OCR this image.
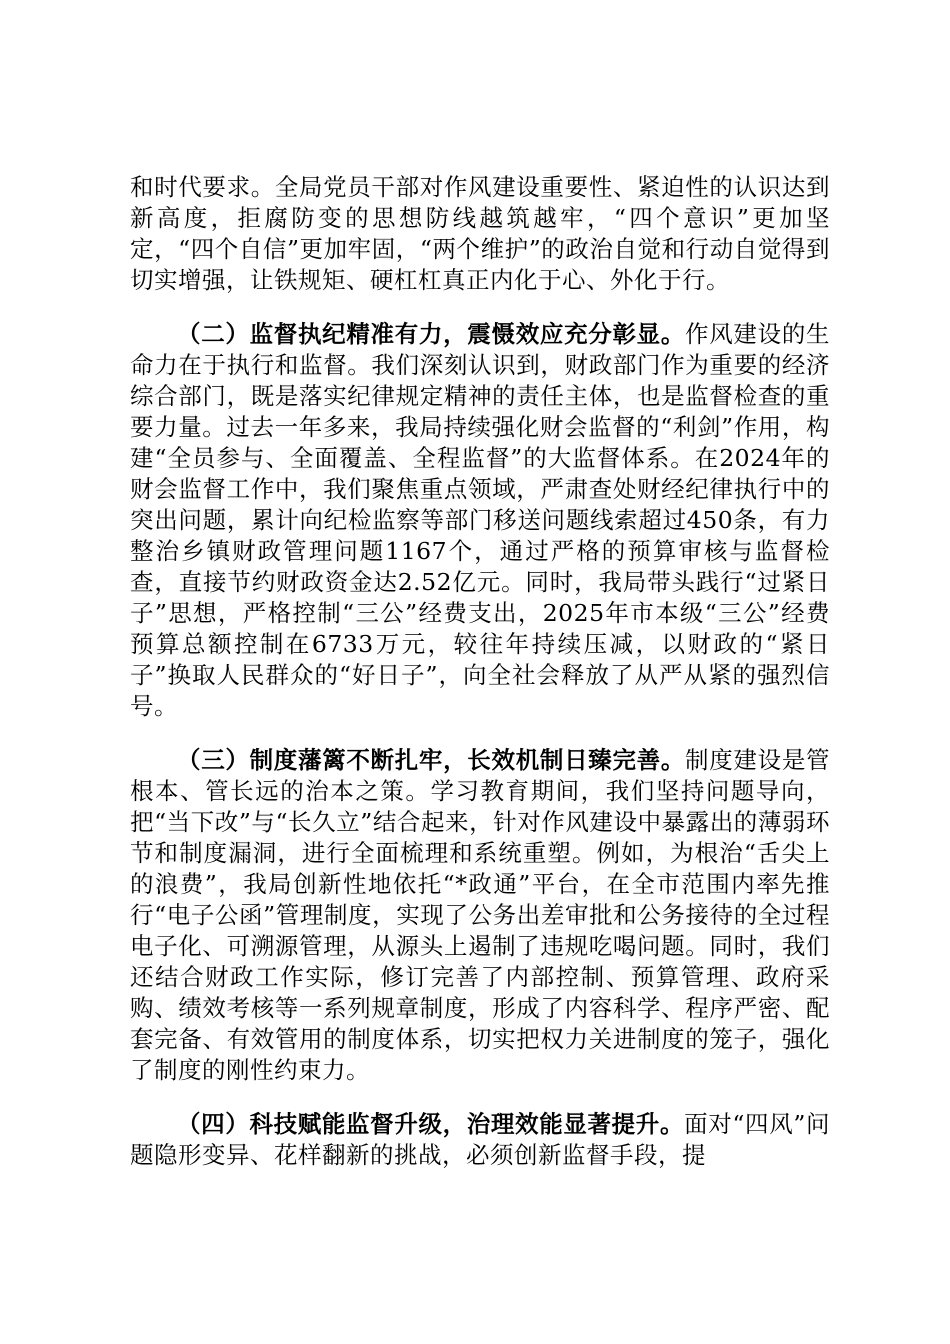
和时代要求。全局党员干部对作风建设重要性、紧迫性的认识达到新高度，拒腐防变的思想防线越筑越牢，“四个意识”更加坚定，“四个自信”更加牢固，“两个维护”的政治自觉和行动自觉得到切实增强，让铁规矩、硬杠杠真正内化于心、外化于行。

（二）监督执纪精准有力，震慑效应充分彰显。作风建设的生命力在于执行和监督。我们深刻认识到，财政部门作为重要的经济综合部门，既是落实纪律规定精神的责任主体，也是监督检查的重要力量。过去一年多来，我局持续强化财会监督的“利剑”作用，构建“全员参与、全面覆盖、全程监督”的大监督体系。在2024年的财会监督工作中，我们聚焦重点领域，严肃查处财经纪律执行中的突出问题，累计向纪检监察等部门移送问题线索超过450条，有力整治乡镇财政管理问题1167个，通过严格的预算审核与监督检查，直接节约财政资金达2.52亿元。同时，我局带头践行“过紧日子”思想，严格控制“三公”经费支出，2025年市本级“三公”经费预算总额控制在6733万元，较往年持续压减，以财政的“紧日子”换取人民群众的“好日子”，向全社会释放了从严从紧的强烈信号。

（三）制度藩篱不断扎牢，长效机制日臻完善。制度建设是管根本、管长远的治本之策。学习教育期间，我们坚持问题导向，把“当下改”与“长久立”结合起来，针对作风建设中暴露出的薄弱环节和制度漏洞，进行全面梳理和系统重塑。例如，为根治“舌尖上的浪费”，我局创新性地依托“*政通”平台，在全市范围内率先推行“电子公函”管理制度，实现了公务出差审批和公务接待的全过程电子化、可溯源管理，从源头上遏制了违规吃喝问题。同时，我们还结合财政工作实际，修订完善了内部控制、预算管理、政府采购、绩效考核等一系列规章制度，形成了内容科学、程序严密、配套完备、有效管用的制度体系，切实把权力关进制度的笼子，强化了制度的刚性约束力。

（四）科技赋能监督升级，治理效能显著提升。面对“四风”问题隐形变异、花样翻新的挑战，必须创新监督手段，提
